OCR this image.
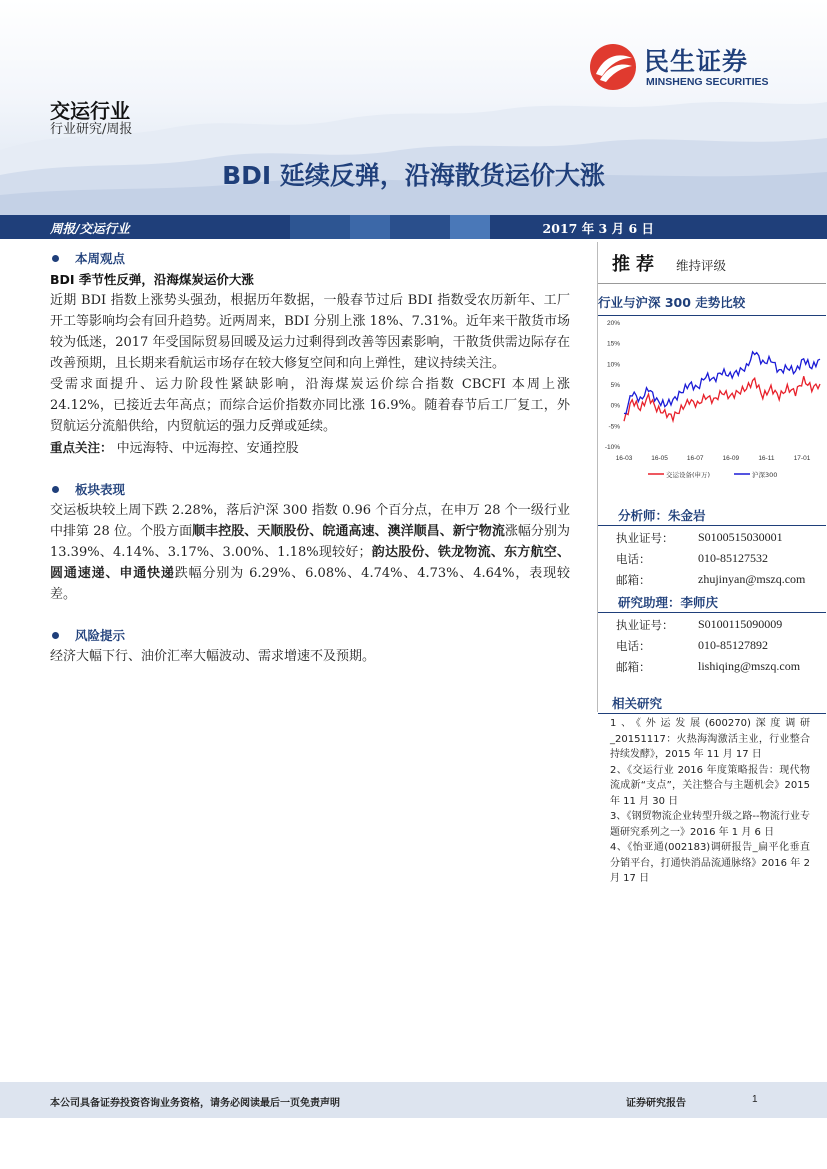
民生证券
MINSHENG SECURITIES
交运行业
行业研究/周报
BDI 延续反弹，沿海散货运价大涨
周报/交运行业	2017 年 3 月 6 日
本周观点
BDI 季节性反弹，沿海煤炭运价大涨
近期 BDI 指数上涨势头强劲，根据历年数据，一般春节过后 BDI 指数受农历新年、工厂开工等影响均会有回升趋势。近两周来，BDI 分别上涨 18%、7.31%。近年来干散货市场较为低迷，2017 年受国际贸易回暖及运力过剩得到改善等因素影响，干散货供需边际存在改善预期，且长期来看航运市场存在较大修复空间和向上弹性，建议持续关注。
受需求面提升、运力阶段性紧缺影响，沿海煤炭运价综合指数 CBCFI 本周上涨 24.12%，已接近去年高点；而综合运价指数亦同比涨 16.9%。随着春节后工厂复工，外贸航运分流船供给，内贸航运的强力反弹或延续。
重点关注： 中远海特、中远海控、安通控股
板块表现
交运板块较上周下跌 2.28%，落后沪深 300 指数 0.96 个百分点，在申万 28 个一级行业中排第 28 位。个股方面顺丰控股、天顺股份、皖通高速、澳洋顺昌、新宁物流涨幅分别为 13.39%、4.14%、3.17%、3.00%、1.18%现较好；韵达股份、铁龙物流、东方航空、圆通速递、申通快递跌幅分别为 6.29%、6.08%、4.74%、4.73%、4.64%，表现较差。
风险提示
经济大幅下行、油价汇率大幅波动、需求增速不及预期。
推荐 维持评级
行业与沪深 300 走势比较
20%
15%
10%
5%
0%
-5%
-10%
16-03	16-05	16-07	16-09	16-11	17-01
交运设备(申万)	沪深300
分析师：朱金岩
执业证号： S0100515030001
电话：	010-85127532
邮箱：	zhujinyan@mszq.com
研究助理：李师庆
执业证号： S0100115090009
电话：	010-85127892
邮箱：	lishiqing@mszq.com
相关研究
1、《外运发展(600270)深度调研_20151117：火热海淘激活主业，行业整合持续发酵》，2015 年 11 月 17 日
2、《交运行业 2016 年度策略报告：现代物流成新“支点”，关注整合与主题机会》2015 年 11 月 30 日
3、《钢贸物流企业转型升级之路--物流行业专题研究系列之一》2016 年 1 月 6 日
4、《怡亚通(002183)调研报告_扁平化垂直分销平台，打通快消品流通脉络》2016 年 2 月 17 日
本公司具备证券投资咨询业务资格，请务必阅读最后一页免责声明	证券研究报告	1
